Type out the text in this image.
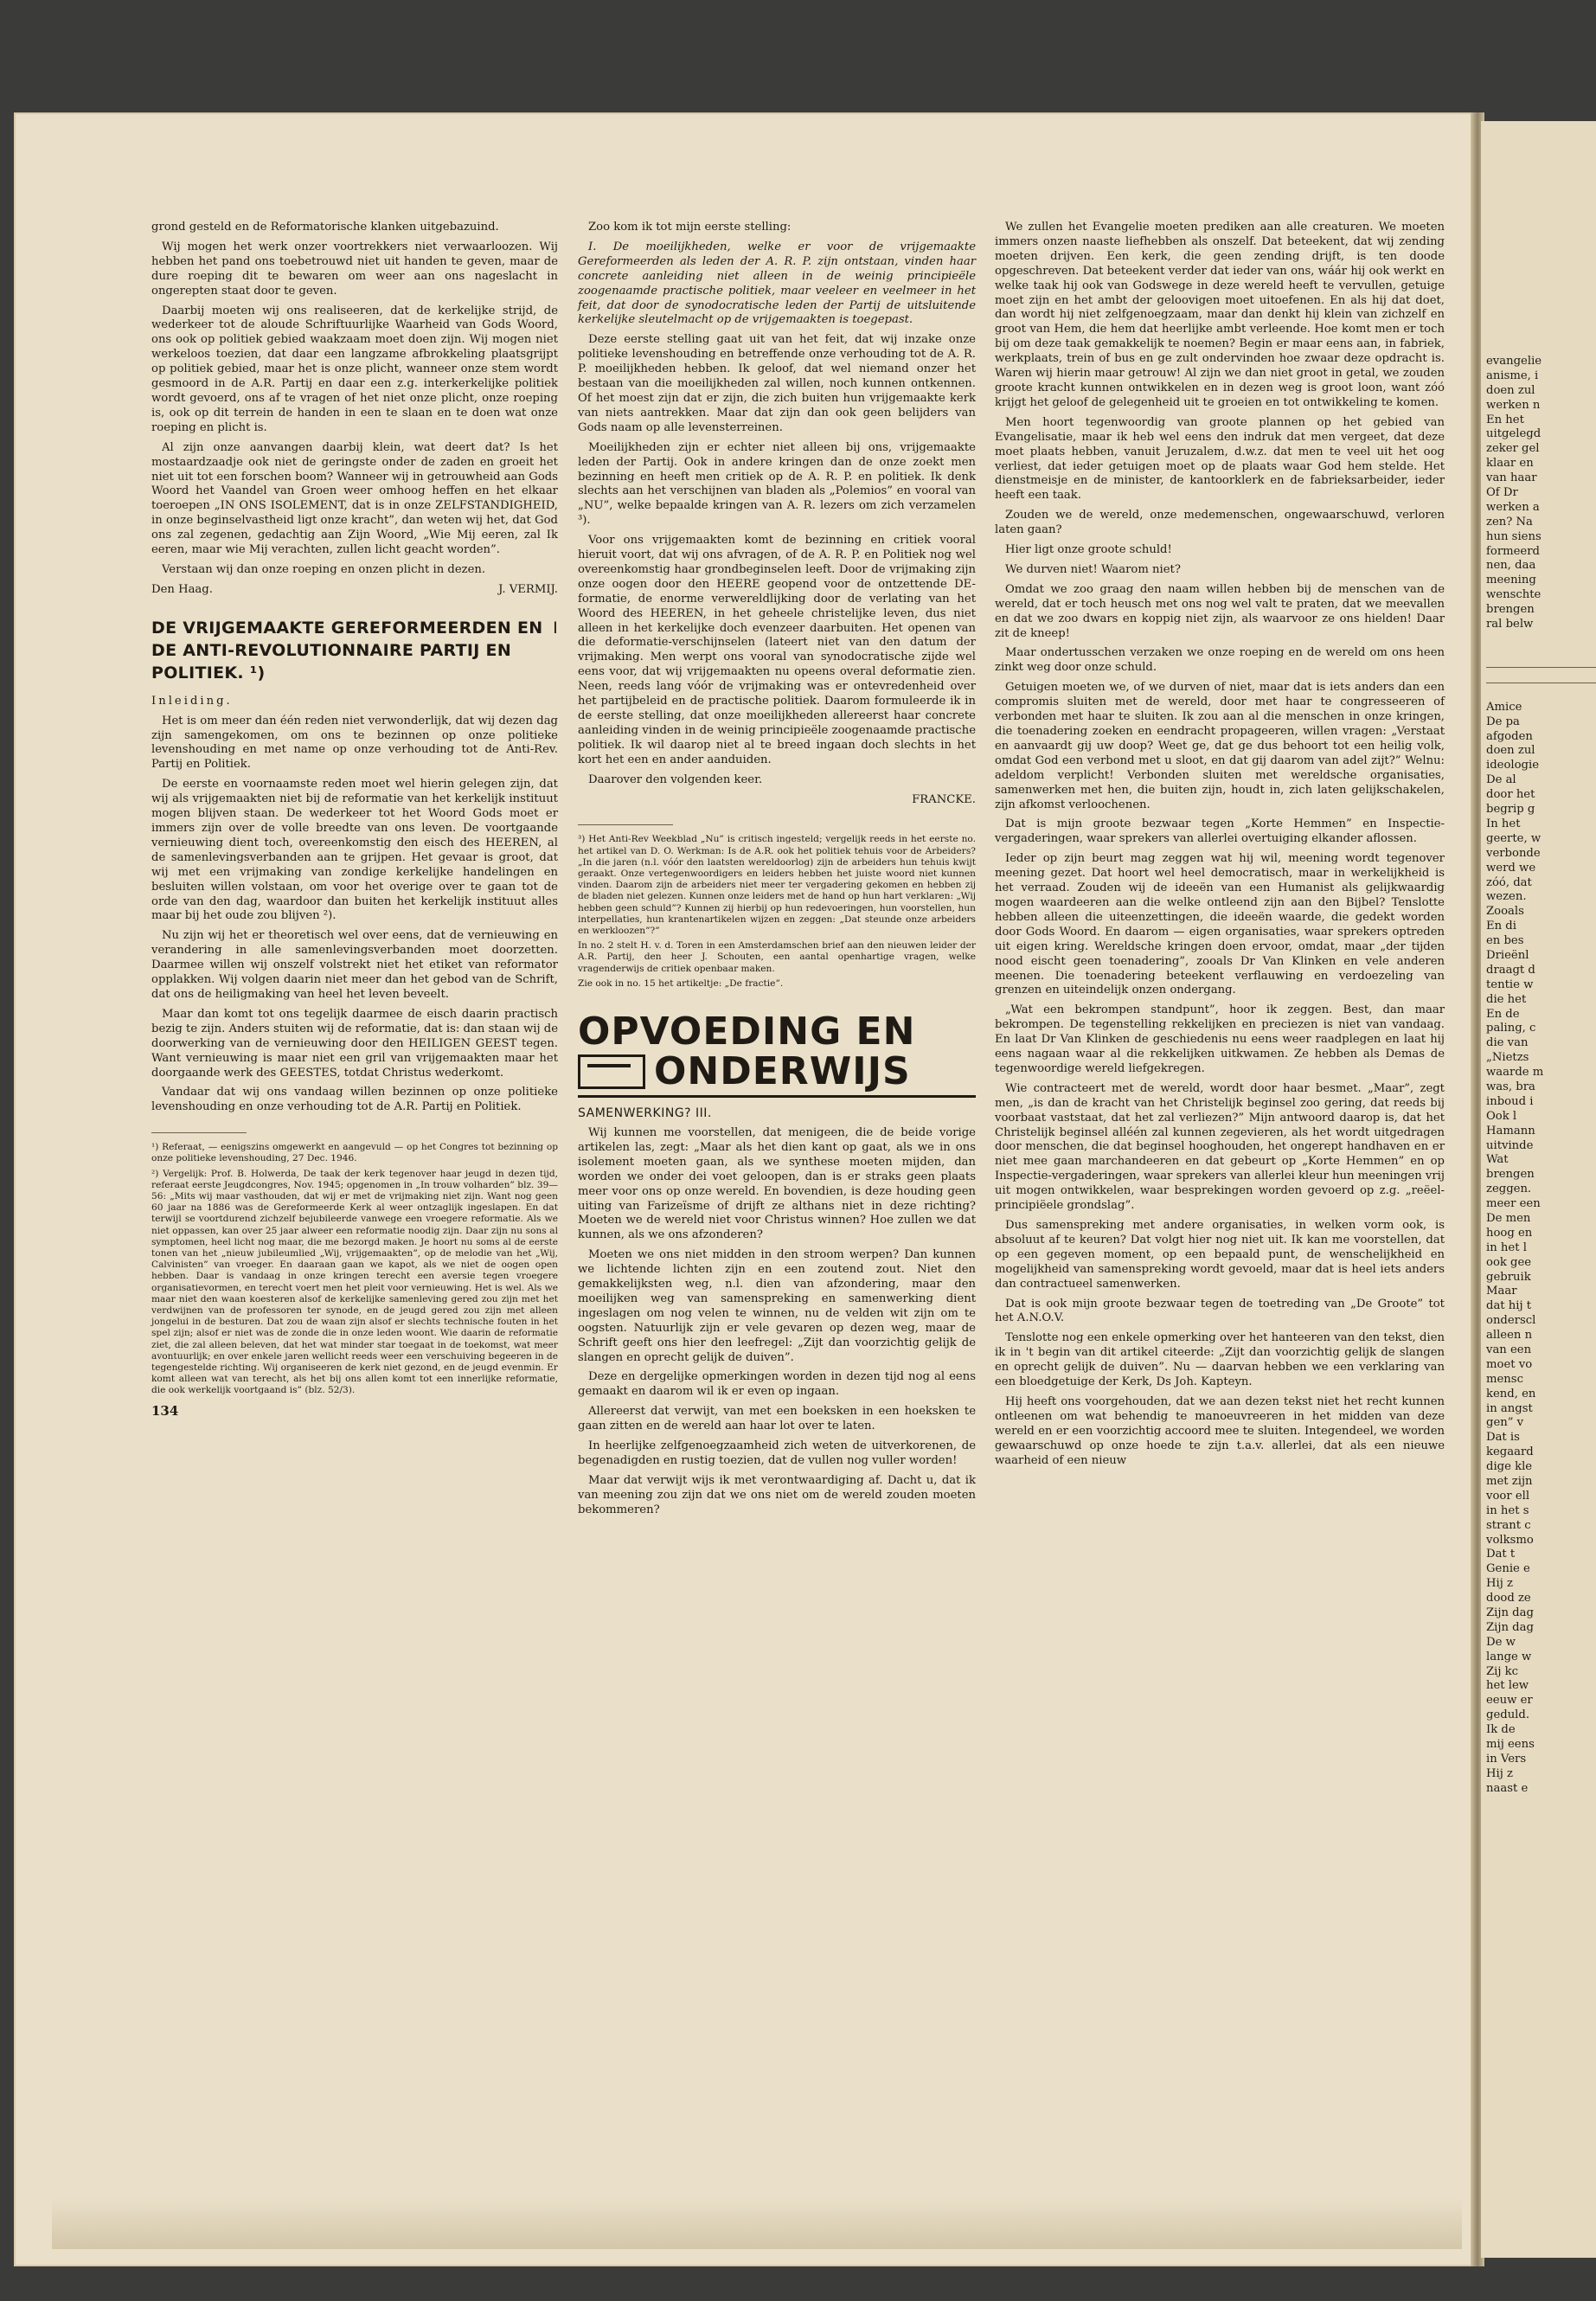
evangelie
anisme, i
doen zul
werken n
En het
uitgelegd
zeker gel
klaar en
van haar
Of Dr
werken a
zen? Na
hun siens
formeerd
nen, daa
meening
wenschte
brengen
ral belw
Amice
De pa
afgoden
doen zul
ideologie
De al
door het
begrip g
In het
geerte, w
verbonde
werd we
zóó, dat
wezen.
Zooals
En di
en bes
Drieënl
draagt d
tentie w
die het
En de
paling, c
die van
„Nietzs
waarde m
was, bra
inboud i
Ook l
Hamann
uitvinde
Wat
brengen
zeggen.
meer een
De men
hoog en
in het l
ook gee
gebruik
Maar
dat hij t
onderscl
alleen n
van een
moet vo
mensc
kend, en
in angst
gen” v
Dat is
kegaard
dige kle
met zijn
voor ell
in het s
strant c
volksmo
Dat t
Genie e
Hij z
dood ze
Zijn dag
Zijn dag
De w
lange w
Zij kc
het lew
eeuw er
geduld.
Ik de
mij eens
in Vers
Hij z
naast e

grond gesteld en de Reformatorische klanken uitgebazuind.

Wij mogen het werk onzer voortrekkers niet verwaarloozen. Wij hebben het pand ons toebetrouwd niet uit handen te geven, maar de dure roeping dit te bewaren om weer aan ons nageslacht in ongerepten staat door te geven.

Daarbij moeten wij ons realiseeren, dat de kerkelijke strijd, de wederkeer tot de aloude Schriftuurlijke Waarheid van Gods Woord, ons ook op politiek gebied waakzaam moet doen zijn. Wij mogen niet werkeloos toezien, dat daar een langzame afbrokkeling plaatsgrijpt op politiek gebied, maar het is onze plicht, wanneer onze stem wordt gesmoord in de A.R. Partij en daar een z.g. interkerkelijke politiek wordt gevoerd, ons af te vragen of het niet onze plicht, onze roeping is, ook op dit terrein de handen in een te slaan en te doen wat onze roeping en plicht is.

Al zijn onze aanvangen daarbij klein, wat deert dat? Is het mostaardzaadje ook niet de geringste onder de zaden en groeit het niet uit tot een forschen boom? Wanneer wij in getrouwheid aan Gods Woord het Vaandel van Groen weer omhoog heffen en het elkaar toeroepen „IN ONS ISOLEMENT, dat is in onze ZELFSTANDIGHEID, in onze beginselvastheid ligt onze kracht”, dan weten wij het, dat God ons zal zegenen, gedachtig aan Zijn Woord, „Wie Mij eeren, zal Ik eeren, maar wie Mij verachten, zullen licht geacht worden”.

Verstaan wij dan onze roeping en onzen plicht in dezen.

Den Haag.	J. VERMIJ.
I
DE VRIJGEMAAKTE GEREFORMEERDEN EN DE ANTI-REVOLUTIONNAIRE PARTIJ EN POLITIEK. ¹)

Inleiding.

Het is om meer dan één reden niet verwonderlijk, dat wij dezen dag zijn samengekomen, om ons te bezinnen op onze politieke levenshouding en met name op onze verhouding tot de Anti-Rev. Partij en Politiek.

De eerste en voornaamste reden moet wel hierin gelegen zijn, dat wij als vrijgemaakten niet bij de reformatie van het kerkelijk instituut mogen blijven staan. De wederkeer tot het Woord Gods moet er immers zijn over de volle breedte van ons leven. De voortgaande vernieuwing dient toch, overeenkomstig den eisch des HEEREN, al de samenlevingsverbanden aan te grijpen. Het gevaar is groot, dat wij met een vrijmaking van zondige kerkelijke handelingen en besluiten willen volstaan, om voor het overige over te gaan tot de orde van den dag, waardoor dan buiten het kerkelijk instituut alles maar bij het oude zou blijven ²).

Nu zijn wij het er theoretisch wel over eens, dat de vernieuwing en verandering in alle samenlevingsverbanden moet doorzetten. Daarmee willen wij onszelf volstrekt niet het etiket van reformator opplakken. Wij volgen daarin niet meer dan het gebod van de Schrift, dat ons de heiligmaking van heel het leven beveelt.

Maar dan komt tot ons tegelijk daarmee de eisch daarin practisch bezig te zijn. Anders stuiten wij de reformatie, dat is: dan staan wij de doorwerking van de vernieuwing door den HEILIGEN GEEST tegen. Want vernieuwing is maar niet een gril van vrijgemaakten maar het doorgaande werk des GEESTES, totdat Christus wederkomt.

Vandaar dat wij ons vandaag willen bezinnen op onze politieke levenshouding en onze verhouding tot de A.R. Partij en Politiek.

¹) Referaat, — eenigszins omgewerkt en aangevuld — op het Congres tot bezinning op onze politieke levenshouding, 27 Dec. 1946.

²) Vergelijk: Prof. B. Holwerda, De taak der kerk tegenover haar jeugd in dezen tijd, referaat eerste Jeugdcongres, Nov. 1945; opgenomen in „In trouw volharden” blz. 39—56: „Mits wij maar vasthouden, dat wij er met de vrijmaking niet zijn. Want nog geen 60 jaar na 1886 was de Gereformeerde Kerk al weer ontzaglijk ingeslapen. En dat terwijl se voortdurend zichzelf bejubileerde vanwege een vroegere reformatie. Als we niet oppassen, kan over 25 jaar alweer een reformatie noodig zijn. Daar zijn nu sons al symptomen, heel licht nog maar, die me bezorgd maken. Je hoort nu soms al de eerste tonen van het „nieuw jubileumlied „Wij, vrijgemaakten”, op de melodie van het „Wij, Calvinisten” van vroeger. En daaraan gaan we kapot, als we niet de oogen open hebben. Daar is vandaag in onze kringen terecht een aversie tegen vroegere organisatievormen, en terecht voert men het pleit voor vernieuwing. Het is wel. Als we maar niet den waan koesteren alsof de kerkelijke samenleving gered zou zijn met het verdwijnen van de professoren ter synode, en de jeugd gered zou zijn met alleen jongelui in de besturen. Dat zou de waan zijn alsof er slechts technische fouten in het spel zijn; alsof er niet was de zonde die in onze leden woont. Wie daarin de reformatie ziet, die zal alleen beleven, dat het wat minder star toegaat in de toekomst, wat meer avontuurlijk; en over enkele jaren wellicht reeds weer een verschuiving begeeren in de tegengestelde richting. Wij organiseeren de kerk niet gezond, en de jeugd evenmin. Er komt alleen wat van terecht, als het bij ons allen komt tot een innerlijke reformatie, die ook werkelijk voortgaand is” (blz. 52/3).

134

Zoo kom ik tot mijn eerste stelling:

I. De moeilijkheden, welke er voor de vrijgemaakte Gereformeerden als leden der A. R. P. zijn ontstaan, vinden haar concrete aanleiding niet alleen in de weinig principieële zoogenaamde practische politiek, maar veeleer en veelmeer in het feit, dat door de synodocratische leden der Partij de uitsluitende kerkelijke sleutelmacht op de vrijgemaakten is toegepast.

Deze eerste stelling gaat uit van het feit, dat wij inzake onze politieke levenshouding en betreffende onze verhouding tot de A. R. P. moeilijkheden hebben. Ik geloof, dat wel niemand onzer het bestaan van die moeilijkheden zal willen, noch kunnen ontkennen. Of het moest zijn dat er zijn, die zich buiten hun vrijgemaakte kerk van niets aantrekken. Maar dat zijn dan ook geen belijders van Gods naam op alle levensterreinen.

Moeilijkheden zijn er echter niet alleen bij ons, vrijgemaakte leden der Partij. Ook in andere kringen dan de onze zoekt men bezinning en heeft men critiek op de A. R. P. en politiek. Ik denk slechts aan het verschijnen van bladen als „Polemios” en vooral van „NU”, welke bepaalde kringen van A. R. lezers om zich verzamelen ³).

Voor ons vrijgemaakten komt de bezinning en critiek vooral hieruit voort, dat wij ons afvragen, of de A. R. P. en Politiek nog wel overeenkomstig haar grondbeginselen leeft. Door de vrijmaking zijn onze oogen door den HEERE geopend voor de ontzettende DE-formatie, de enorme verwereldlijking door de verlating van het Woord des HEEREN, in het geheele christelijke leven, dus niet alleen in het kerkelijke doch evenzeer daarbuiten. Het openen van die deformatie-verschijnselen (lateert niet van den datum der vrijmaking. Men werpt ons vooral van synodocratische zijde wel eens voor, dat wij vrijgemaakten nu opeens overal deformatie zien. Neen, reeds lang vóór de vrijmaking was er ontevredenheid over het partijbeleid en de practische politiek. Daarom formuleerde ik in de eerste stelling, dat onze moeilijkheden allereerst haar concrete aanleiding vinden in de weinig principieële zoogenaamde practische politiek. Ik wil daarop niet al te breed ingaan doch slechts in het kort het een en ander aanduiden.

Daarover den volgenden keer.

FRANCKE.

³) Het Anti-Rev Weekblad „Nu” is critisch ingesteld; vergelijk reeds in het eerste no. het artikel van D. O. Werkman: Is de A.R. ook het politiek tehuis voor de Arbeiders? „In die jaren (n.l. vóór den laatsten wereldoorlog) zijn de arbeiders hun tehuis kwijt geraakt. Onze vertegenwoordigers en leiders hebben het juiste woord niet kunnen vinden. Daarom zijn de arbeiders niet meer ter vergadering gekomen en hebben zij de bladen niet gelezen. Kunnen onze leiders met de hand op hun hart verklaren: „Wij hebben geen schuld”? Kunnen zij hierbij op hun redevoeringen, hun voorstellen, hun interpellaties, hun krantenartikelen wijzen en zeggen: „Dat steunde onze arbeiders en werkloozen”?”

In no. 2 stelt H. v. d. Toren in een Amsterdamschen brief aan den nieuwen leider der A.R. Partij, den heer J. Schouten, een aantal openhartige vragen, welke vragenderwijs de critiek openbaar maken.

Zie ook in no. 15 het artikeltje: „De fractie”.

OPVOEDING EN
ONDERWIJS
SAMENWERKING? III.

Wij kunnen me voorstellen, dat menigeen, die de beide vorige artikelen las, zegt: „Maar als het dien kant op gaat, als we in ons isolement moeten gaan, als we synthese moeten mijden, dan worden we onder dei voet geloopen, dan is er straks geen plaats meer voor ons op onze wereld. En bovendien, is deze houding geen uiting van Farizeïsme of drijft ze althans niet in deze richting? Moeten we de wereld niet voor Christus winnen? Hoe zullen we dat kunnen, als we ons afzonderen?

Moeten we ons niet midden in den stroom werpen? Dan kunnen we lichtende lichten zijn en een zoutend zout. Niet den gemakkelijksten weg, n.l. dien van afzondering, maar den moeilijken weg van samenspreking en samenwerking dient ingeslagen om nog velen te winnen, nu de velden wit zijn om te oogsten. Natuurlijk zijn er vele gevaren op dezen weg, maar de Schrift geeft ons hier den leefregel: „Zijt dan voorzichtig gelijk de slangen en oprecht gelijk de duiven”.

Deze en dergelijke opmerkingen worden in dezen tijd nog al eens gemaakt en daarom wil ik er even op ingaan.

Allereerst dat verwijt, van met een boeksken in een hoeksken te gaan zitten en de wereld aan haar lot over te laten.

In heerlijke zelfgenoegzaamheid zich weten de uitverkorenen, de begenadigden en rustig toezien, dat de vullen nog vuller worden!

Maar dat verwijt wijs ik met verontwaardiging af. Dacht u, dat ik van meening zou zijn dat we ons niet om de wereld zouden moeten bekommeren?

We zullen het Evangelie moeten prediken aan alle creaturen. We moeten immers onzen naaste liefhebben als onszelf. Dat beteekent, dat wij zending moeten drijven. Een kerk, die geen zending drijft, is ten doode opgeschreven. Dat beteekent verder dat ieder van ons, wáár hij ook werkt en welke taak hij ook van Godswege in deze wereld heeft te vervullen, getuige moet zijn en het ambt der geloovigen moet uitoefenen. En als hij dat doet, dan wordt hij niet zelfgenoegzaam, maar dan denkt hij klein van zichzelf en groot van Hem, die hem dat heerlijke ambt verleende. Hoe komt men er toch bij om deze taak gemakkelijk te noemen? Begin er maar eens aan, in fabriek, werkplaats, trein of bus en ge zult ondervinden hoe zwaar deze opdracht is. Waren wij hierin maar getrouw! Al zijn we dan niet groot in getal, we zouden groote kracht kunnen ontwikkelen en in dezen weg is groot loon, want zóó krijgt het geloof de gelegenheid uit te groeien en tot ontwikkeling te komen.

Men hoort tegenwoordig van groote plannen op het gebied van Evangelisatie, maar ik heb wel eens den indruk dat men vergeet, dat deze moet plaats hebben, vanuit Jeruzalem, d.w.z. dat men te veel uit het oog verliest, dat ieder getuigen moet op de plaats waar God hem stelde. Het dienstmeisje en de minister, de kantoorklerk en de fabrieksarbeider, ieder heeft een taak.

Zouden we de wereld, onze medemenschen, ongewaarschuwd, verloren laten gaan?

Hier ligt onze groote schuld!

We durven niet! Waarom niet?

Omdat we zoo graag den naam willen hebben bij de menschen van de wereld, dat er toch heusch met ons nog wel valt te praten, dat we meevallen en dat we zoo dwars en koppig niet zijn, als waarvoor ze ons hielden! Daar zit de kneep!

Maar ondertusschen verzaken we onze roeping en de wereld om ons heen zinkt weg door onze schuld.

Getuigen moeten we, of we durven of niet, maar dat is iets anders dan een compromis sluiten met de wereld, door met haar te congresseeren of verbonden met haar te sluiten. Ik zou aan al die menschen in onze kringen, die toenadering zoeken en eendracht propageeren, willen vragen: „Verstaat en aanvaardt gij uw doop? Weet ge, dat ge dus behoort tot een heilig volk, omdat God een verbond met u sloot, en dat gij daarom van adel zijt?” Welnu: adeldom verplicht! Verbonden sluiten met wereldsche organisaties, samenwerken met hen, die buiten zijn, houdt in, zich laten gelijkschakelen, zijn afkomst verloochenen.

Dat is mijn groote bezwaar tegen „Korte Hemmen” en Inspectie-vergaderingen, waar sprekers van allerlei overtuiging elkander aflossen.

Ieder op zijn beurt mag zeggen wat hij wil, meening wordt tegenover meening gezet. Dat hoort wel heel democratisch, maar in werkelijkheid is het verraad. Zouden wij de ideeën van een Humanist als gelijkwaardig mogen waardeeren aan die welke ontleend zijn aan den Bijbel? Tenslotte hebben alleen die uiteenzettingen, die ideeën waarde, die gedekt worden door Gods Woord. En daarom — eigen organisaties, waar sprekers optreden uit eigen kring. Wereldsche kringen doen ervoor, omdat, maar „der tijden nood eischt geen toenadering”, zooals Dr Van Klinken en vele anderen meenen. Die toenadering beteekent verflauwing en verdoezeling van grenzen en uiteindelijk onzen ondergang.

„Wat een bekrompen standpunt”, hoor ik zeggen. Best, dan maar bekrompen. De tegenstelling rekkelijken en preciezen is niet van vandaag. En laat Dr Van Klinken de geschiedenis nu eens weer raadplegen en laat hij eens nagaan waar al die rekkelijken uitkwamen. Ze hebben als Demas de tegenwoordige wereld liefgekregen.

Wie contracteert met de wereld, wordt door haar besmet. „Maar”, zegt men, „is dan de kracht van het Christelijk beginsel zoo gering, dat reeds bij voorbaat vaststaat, dat het zal verliezen?” Mijn antwoord daarop is, dat het Christelijk beginsel alléén zal kunnen zegevieren, als het wordt uitgedragen door menschen, die dat beginsel hooghouden, het ongerept handhaven en er niet mee gaan marchandeeren en dat gebeurt op „Korte Hemmen” en op Inspectie-vergaderingen, waar sprekers van allerlei kleur hun meeningen vrij uit mogen ontwikkelen, waar besprekingen worden gevoerd op z.g. „reëel-principiëele grondslag”.

Dus samenspreking met andere organisaties, in welken vorm ook, is absoluut af te keuren? Dat volgt hier nog niet uit. Ik kan me voorstellen, dat op een gegeven moment, op een bepaald punt, de wenschelijkheid en mogelijkheid van samenspreking wordt gevoeld, maar dat is heel iets anders dan contractueel samenwerken.

Dat is ook mijn groote bezwaar tegen de toetreding van „De Groote” tot het A.N.O.V.

Tenslotte nog een enkele opmerking over het hanteeren van den tekst, dien ik in 't begin van dit artikel citeerde: „Zijt dan voorzichtig gelijk de slangen en oprecht gelijk de duiven”. Nu — daarvan hebben we een verklaring van een bloedgetuige der Kerk, Ds Joh. Kapteyn.

Hij heeft ons voorgehouden, dat we aan dezen tekst niet het recht kunnen ontleenen om wat behendig te manoeuvreeren in het midden van deze wereld en er een voorzichtig accoord mee te sluiten. Integendeel, we worden gewaarschuwd op onze hoede te zijn t.a.v. allerlei, dat als een nieuwe waarheid of een nieuw
